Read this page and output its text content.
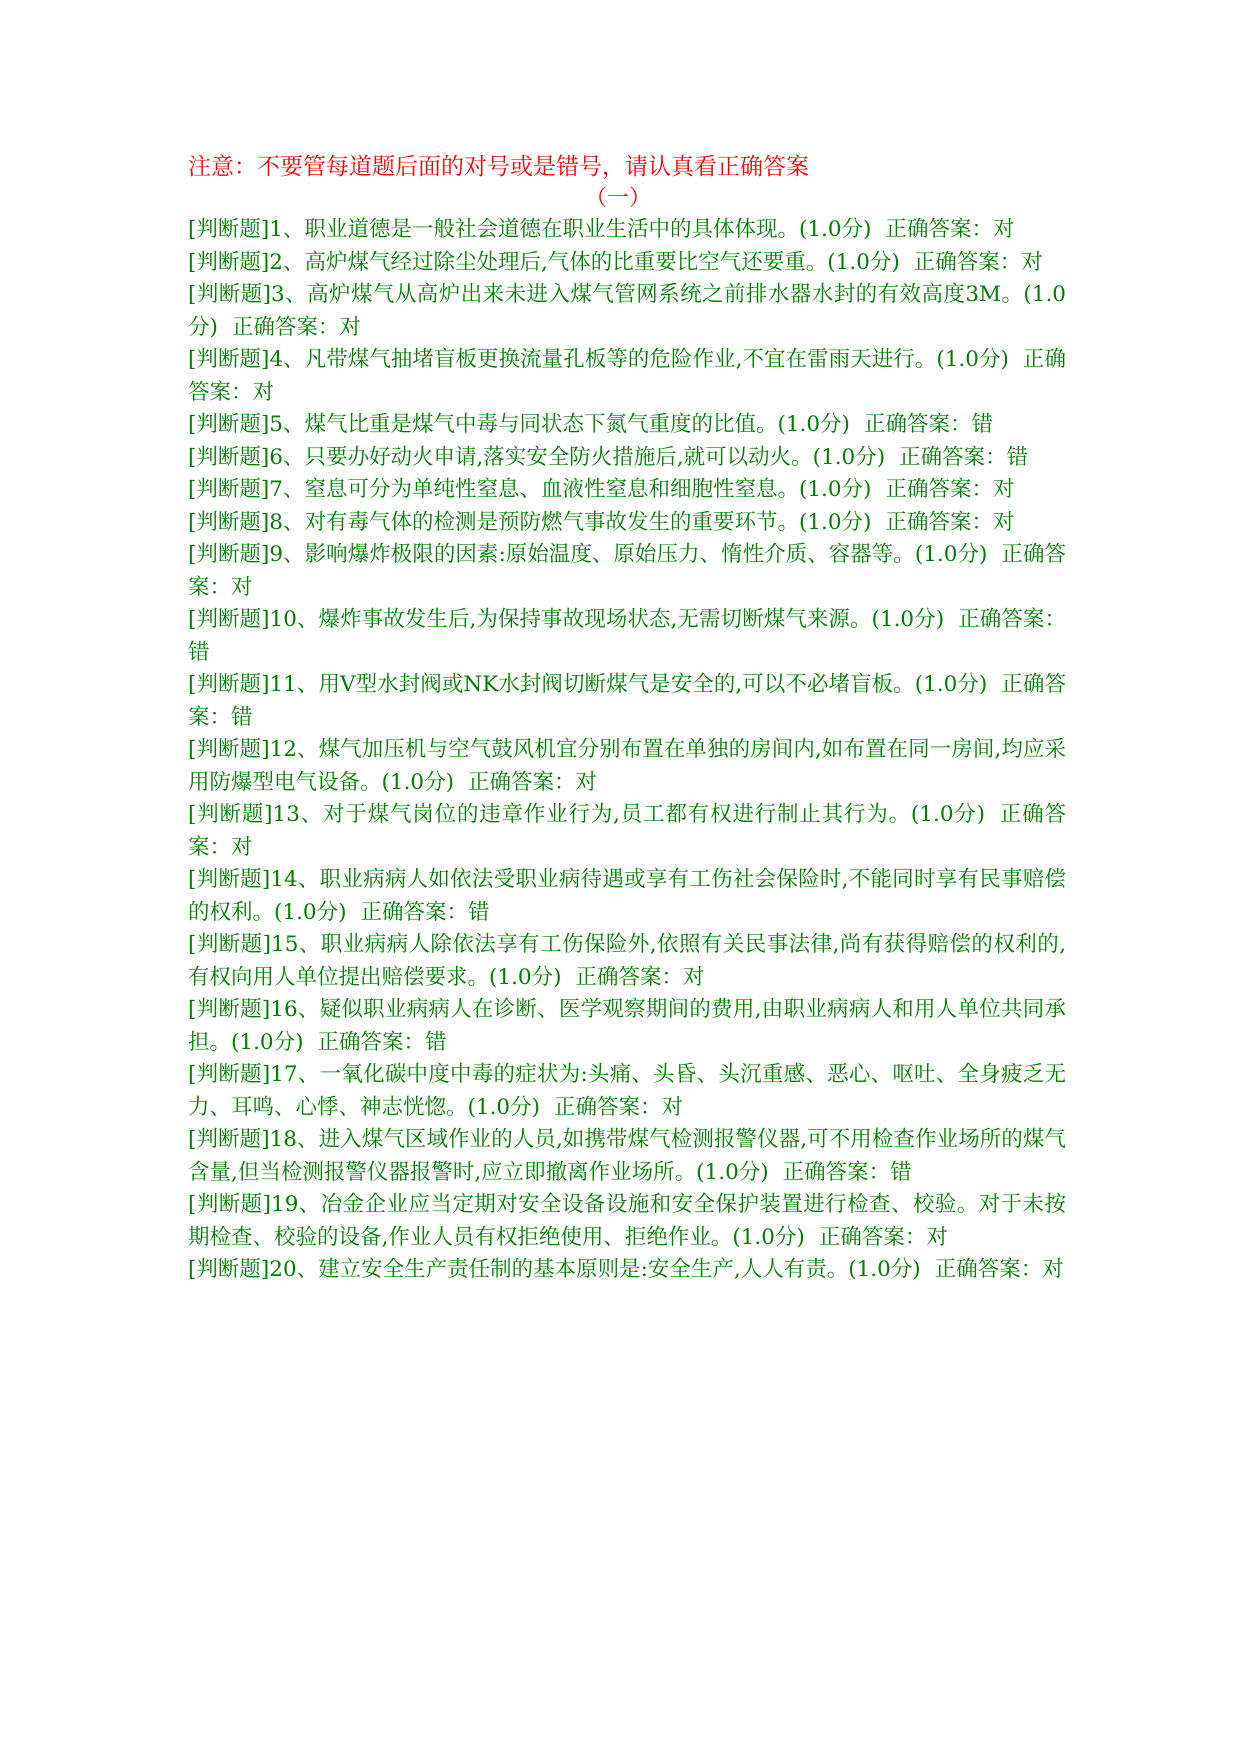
注意：不要管每道题后面的对号或是错号，请认真看正确答案
（一）
[判断题]1、职业道德是一般社会道德在职业生活中的具体体现。(1.0分) 正确答案：对
[判断题]2、高炉煤气经过除尘处理后,气体的比重要比空气还要重。(1.0分) 正确答案：对
[判断题]3、高炉煤气从高炉出来未进入煤气管网系统之前排水器水封的有效高度3M。(1.0分) 正确答案：对
[判断题]4、凡带煤气抽堵盲板更换流量孔板等的危险作业,不宜在雷雨天进行。(1.0分) 正确答案：对
[判断题]5、煤气比重是煤气中毒与同状态下氮气重度的比值。(1.0分) 正确答案：错
[判断题]6、只要办好动火申请,落实安全防火措施后,就可以动火。(1.0分) 正确答案：错
[判断题]7、窒息可分为单纯性窒息、血液性窒息和细胞性窒息。(1.0分) 正确答案：对
[判断题]8、对有毒气体的检测是预防燃气事故发生的重要环节。(1.0分) 正确答案：对
[判断题]9、影响爆炸极限的因素:原始温度、原始压力、惰性介质、容器等。(1.0分) 正确答案：对
[判断题]10、爆炸事故发生后,为保持事故现场状态,无需切断煤气来源。(1.0分) 正确答案：错
[判断题]11、用V型水封阀或NK水封阀切断煤气是安全的,可以不必堵盲板。(1.0分) 正确答案：错
[判断题]12、煤气加压机与空气鼓风机宜分别布置在单独的房间内,如布置在同一房间,均应采用防爆型电气设备。(1.0分) 正确答案：对
[判断题]13、对于煤气岗位的违章作业行为,员工都有权进行制止其行为。(1.0分) 正确答案：对
[判断题]14、职业病病人如依法受职业病待遇或享有工伤社会保险时,不能同时享有民事赔偿的权利。(1.0分) 正确答案：错
[判断题]15、职业病病人除依法享有工伤保险外,依照有关民事法律,尚有获得赔偿的权利的,有权向用人单位提出赔偿要求。(1.0分) 正确答案：对
[判断题]16、疑似职业病病人在诊断、医学观察期间的费用,由职业病病人和用人单位共同承担。(1.0分) 正确答案：错
[判断题]17、一氧化碳中度中毒的症状为:头痛、头昏、头沉重感、恶心、呕吐、全身疲乏无力、耳鸣、心悸、神志恍惚。(1.0分) 正确答案：对
[判断题]18、进入煤气区域作业的人员,如携带煤气检测报警仪器,可不用检查作业场所的煤气含量,但当检测报警仪器报警时,应立即撤离作业场所。(1.0分) 正确答案：错
[判断题]19、冶金企业应当定期对安全设备设施和安全保护装置进行检查、校验。对于未按期检查、校验的设备,作业人员有权拒绝使用、拒绝作业。(1.0分) 正确答案：对
[判断题]20、建立安全生产责任制的基本原则是:安全生产,人人有责。(1.0分) 正确答案：对
